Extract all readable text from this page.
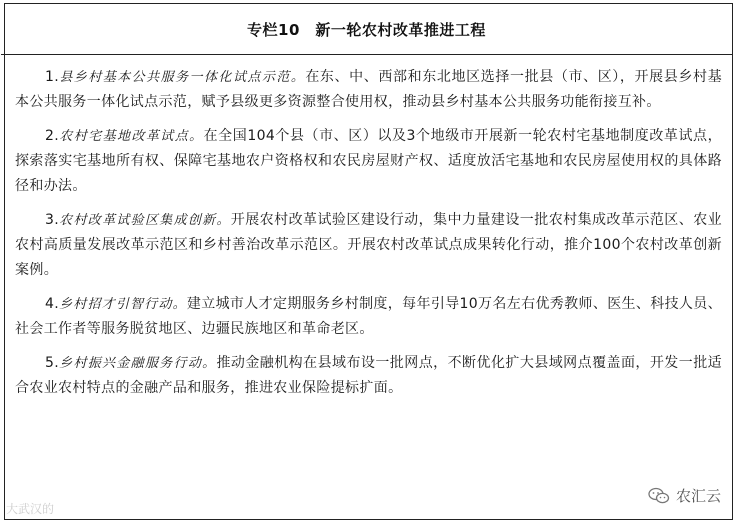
专栏10　新一轮农村改革推进工程

1.县乡村基本公共服务一体化试点示范。在东、中、西部和东北地区选择一批县（市、区），开展县乡村基本公共服务一体化试点示范，赋予县级更多资源整合使用权，推动县乡村基本公共服务功能衔接互补。

2.农村宅基地改革试点。在全国104个县（市、区）以及3个地级市开展新一轮农村宅基地制度改革试点，探索落实宅基地所有权、保障宅基地农户资格权和农民房屋财产权、适度放活宅基地和农民房屋使用权的具体路径和办法。

3.农村改革试验区集成创新。开展农村改革试验区建设行动，集中力量建设一批农村集成改革示范区、农业农村高质量发展改革示范区和乡村善治改革示范区。开展农村改革试点成果转化行动，推介100个农村改革创新案例。

4.乡村招才引智行动。建立城市人才定期服务乡村制度，每年引导10万名左右优秀教师、医生、科技人员、社会工作者等服务脱贫地区、边疆民族地区和革命老区。

5.乡村振兴金融服务行动。推动金融机构在县域布设一批网点，不断优化扩大县域网点覆盖面，开发一批适合农业农村特点的金融产品和服务，推进农业保险提标扩面。

大武汉的
农汇云
